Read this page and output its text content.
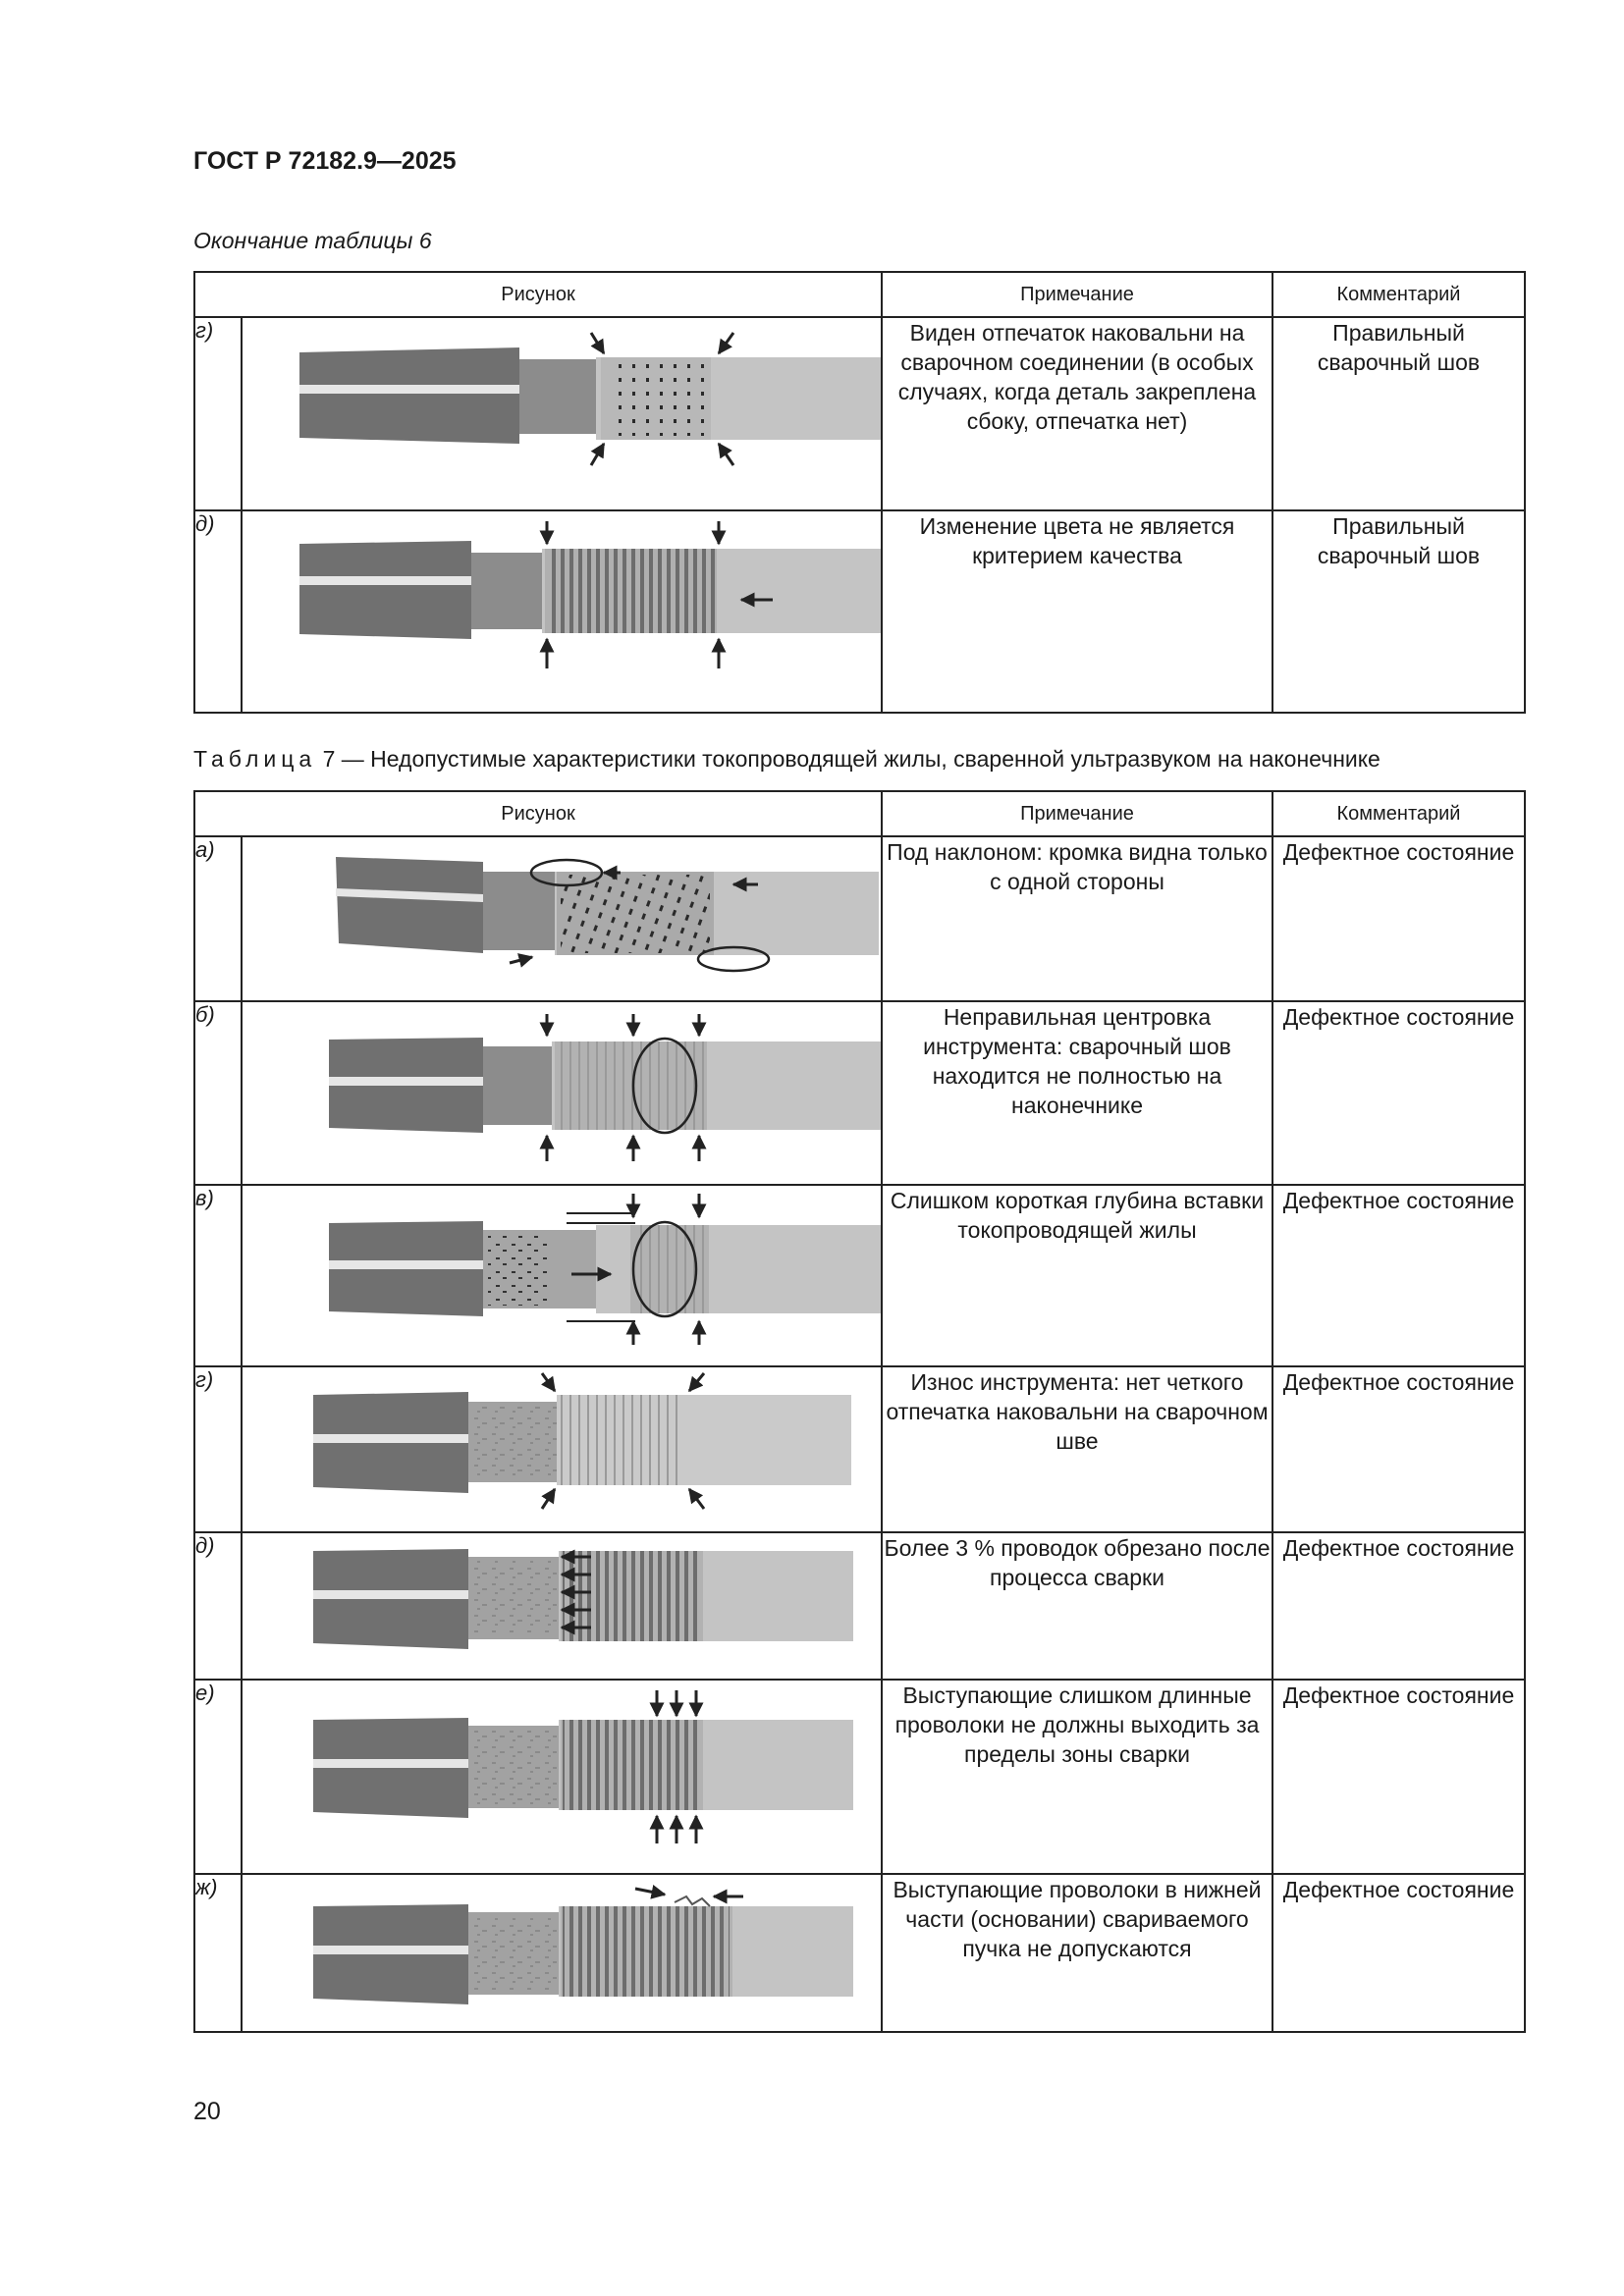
ГОСТ Р 72182.9—2025
Окончание таблицы 6
Рисунок		Примечание	Комментарий
г)		Виден отпечаток наковальни на сварочном соединении (в особых случаях, когда деталь закреплена сбоку, отпечатка нет)	Правильный сварочный шов
д)		Изменение цвета не является критерием качества	Правильный сварочный шов
Таблица 7 — Недопустимые характеристики токопроводящей жилы, сваренной ультразвуком на наконечнике
Рисунок		Примечание	Комментарий
а)		Под наклоном: кромка видна только с одной стороны	Дефектное состояние
б)		Неправильная центровка инструмента: сварочный шов находится не полностью на наконечнике	Дефектное состояние
в)		Слишком короткая глубина вставки токопроводящей жилы	Дефектное состояние
г)		Износ инструмента: нет четкого отпечатка наковальни на сварочном шве	Дефектное состояние
д)		Более 3 % проводок обрезано после процесса сварки	Дефектное состояние
е)		Выступающие слишком длинные проволоки не должны выходить за пределы зоны сварки	Дефектное состояние
ж)		Выступающие проволоки в нижней части (основании) свариваемого пучка не допускаются	Дефектное состояние
20
